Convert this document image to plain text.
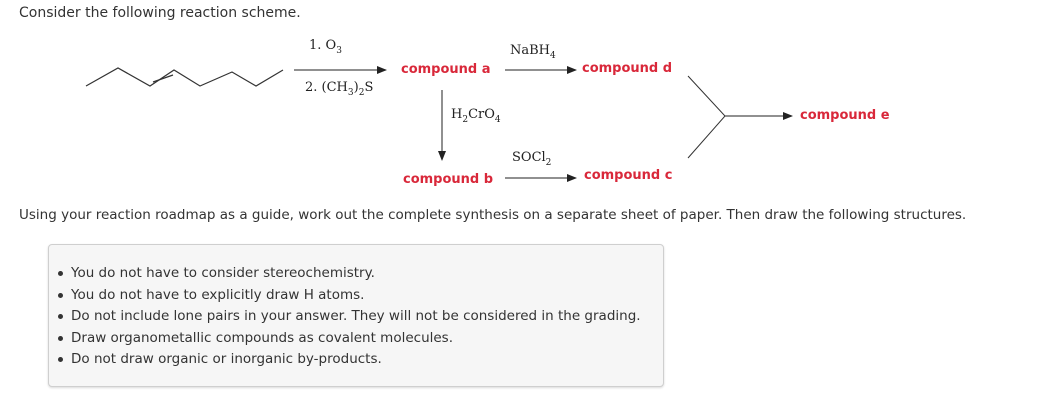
Consider the following reaction scheme.
1. $O_3$
2. $(CH_3)_2S$
NaBH$_4$
$H_2CrO_4$
SOCl$_2$
compound a	compound d
compound b	compound c
compound e
Using your reaction roadmap as a guide, work out the complete synthesis on a separate sheet of paper. Then draw the following structures.
You do not have to consider stereochemistry.
You do not have to explicitly draw H atoms.
Do not include lone pairs in your answer. They will not be considered in the grading.
Draw organometallic compounds as covalent molecules.
Do not draw organic or inorganic by-products.
